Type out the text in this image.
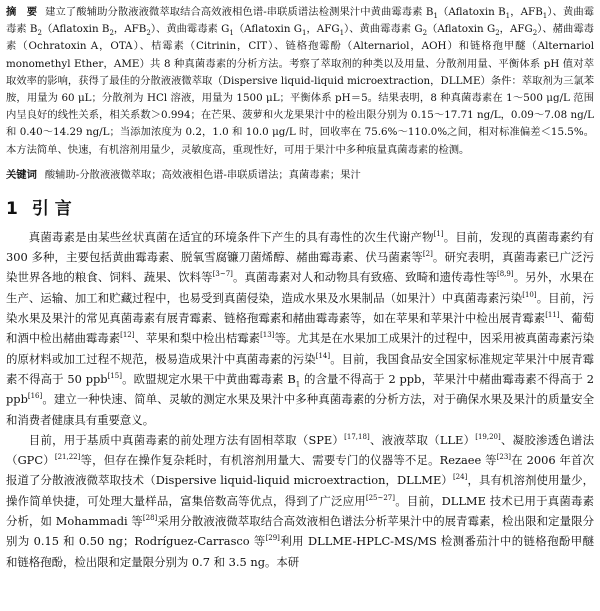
摘　要 建立了酸辅助分散液液微萃取结合高效液相色谱-串联质谱法检测果汁中黄曲霉毒素 $B_1(Aflatoxin$ $B_1$，$AFB_1$）、黄曲霉毒素 $B_2(Aflatoxin$ $B_2$，$AFB_2$）、黄曲霉毒素 $G_1(Aflatoxin$ $G_1$，$AFG_1$）、黄曲霉毒素 $G_2(Aflatoxin$ $G_2$，$AFG_2$）、赭曲霉毒素（Ochratoxin A，OTA）、桔霉素（Citrinin，CIT）、链格孢霉酚（Alternariol，AOH）和链格孢甲醚（Alternariol monomethyl Ether，AME）共 8 种真菌毒素的分析方法。考察了萃取剂的种类以及用量、分散剂用量、平衡体系 pH 值对萃取效率的影响，获得了最佳的分散液液微萃取（Dispersive liquid-liquid microextraction，DLLME）条件：萃取剂为三氯苯胺，用量为 60 μL；分散剂为 HCl 溶液，用量为 1500 μL；平衡体系 pH＝5。结果表明，8 种真菌毒素在 1～500 μg/L 范围内呈良好的线性关系，相关系数＞0.994；在芒果、菠萝和火龙果果汁中的检出限分别为 0.15～17.71 ng/L，0.09～7.08 ng/L 和 0.40～14.29 ng/L；当添加浓度为 0.2，1.0 和 10.0 μg/L 时，回收率在 75.6%～110.0%之间，相对标准偏差＜15.5%。本方法简单、快速，有机溶剂用量少，灵敏度高，重现性好，可用于果汁中多种痕量真菌毒素的检测。
关键词 酸辅助-分散液液微萃取；高效液相色谱-串联质谱法；真菌毒素；果汁
1 引 言

真菌毒素是由某些丝状真菌在适宜的环境条件下产生的具有毒性的次生代谢产物[1]。目前，发现的真菌毒素约有 300 多种，主要包括黄曲霉毒素、脱氧雪腐镰刀菌烯醇、赭曲霉毒素、伏马菌素等[2]。研究表明，真菌毒素已广泛污染世界各地的粮食、饲料、蔬果、饮料等[3~7]。真菌毒素对人和动物具有致癌、致畸和遗传毒性等[8,9]。另外，水果在生产、运输、加工和贮藏过程中，也易受到真菌侵染，造成水果及水果制品（如果汁）中真菌毒素污染[10]。目前，污染水果及果汁的常见真菌毒素有展青霉素、链格孢霉素和赭曲霉毒素等，如在苹果和苹果汁中检出展青霉素[11]、葡萄和酒中检出赭曲霉毒素[12]、苹果和梨中检出桔霉素[13]等。尤其是在水果加工成果汁的过程中，因采用被真菌毒素污染的原材料或加工过程不规范，极易造成果汁中真菌毒素的污染[14]。目前，我国食品安全国家标准规定苹果汁中展青霉素不得高于 50 ppb[15]。欧盟规定水果干中黄曲霉毒素 $B_1$ 的含量不得高于 2 ppb，苹果汁中赭曲霉毒素不得高于 2 ppb[16]。建立一种快速、简单、灵敏的测定水果及果汁中多种真菌毒素的分析方法，对于确保水果及果汁的质量安全和消费者健康具有重要意义。

目前，用于基质中真菌毒素的前处理方法有固相萃取（SPE）[17,18]、液液萃取（LLE）[19,20]、凝胶渗透色谱法（GPC）[21,22]等，但存在操作复杂耗时，有机溶剂用量大、需要专门的仪器等不足。Rezaee 等[23]在 2006 年首次报道了分散液液微萃取技术（Dispersive liquid-liquid microextraction，DLLME）[24]，具有机溶剂使用量少，操作简单快捷，可处理大量样品，富集倍数高等优点，得到了广泛应用[25~27]。目前，DLLME 技术已用于真菌毒素分析，如 Mohammadi 等[28]采用分散液液微萃取结合高效液相色谱法分析苹果汁中的展青霉素，检出限和定量限分别为 0.15 和 0.50 ng；Rodríguez-Carrasco 等[29]利用 DLLME-HPLC-MS/MS 检测番茄汁中的链格孢酚甲醚和链格孢酚，检出限和定量限分别为 0.7 和 3.5 ng。本研
